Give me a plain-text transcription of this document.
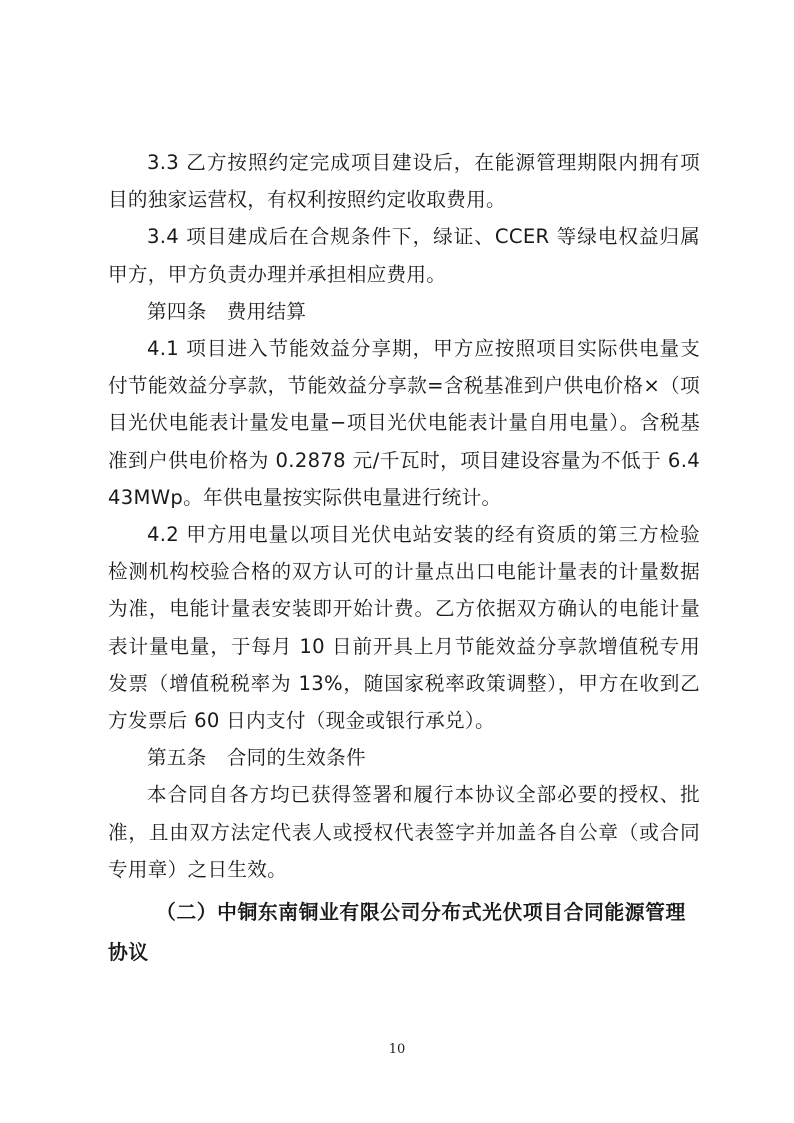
3.3 乙方按照约定完成项目建设后，在能源管理期限内拥有项目的独家运营权，有权利按照约定收取费用。

3.4 项目建成后在合规条件下，绿证、CCER 等绿电权益归属甲方，甲方负责办理并承担相应费用。

第四条 费用结算

4.1 项目进入节能效益分享期，甲方应按照项目实际供电量支付节能效益分享款，节能效益分享款=含税基准到户供电价格×（项目光伏电能表计量发电量−项目光伏电能表计量自用电量）。含税基准到户供电价格为 0.2878 元/千瓦时，项目建设容量为不低于 6.443MWp。年供电量按实际供电量进行统计。

4.2 甲方用电量以项目光伏电站安装的经有资质的第三方检验检测机构校验合格的双方认可的计量点出口电能计量表的计量数据为准，电能计量表安装即开始计费。乙方依据双方确认的电能计量表计量电量，于每月 10 日前开具上月节能效益分享款增值税专用发票（增值税税率为 13%，随国家税率政策调整），甲方在收到乙方发票后 60 日内支付（现金或银行承兑）。

第五条 合同的生效条件

本合同自各方均已获得签署和履行本协议全部必要的授权、批准，且由双方法定代表人或授权代表签字并加盖各自公章（或合同专用章）之日生效。

（二）中铜东南铜业有限公司分布式光伏项目合同能源管理协议

10
